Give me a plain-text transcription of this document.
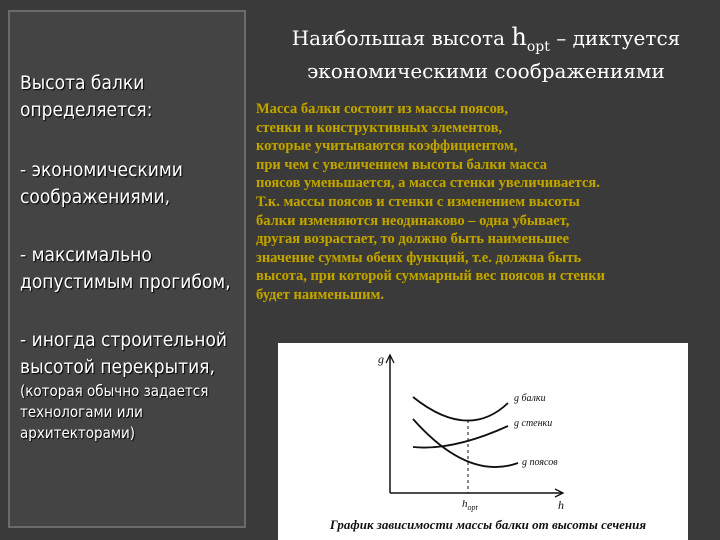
Высота балки
определяется:
- экономическими
соображениями,
- максимально
допустимым прогибом,
- иногда строительной
высотой перекрытия,
(которая обычно задается
технологами или
архитекторами)
Наибольшая высота $h_{opt}$ – диктуется
экономическими соображениями
Масса балки состоит из массы поясов,
стенки и конструктивных элементов,
которые учитываются коэффициентом,
при чем с увеличением высоты балки масса
поясов уменьшается, а масса стенки увеличивается.
Т.к. массы поясов и стенки с изменением высоты
балки изменяются неодинаково – одна убывает,
другая возрастает, то должно быть наименьшее
значение суммы обеих функций, т.е. должна быть
высота, при которой суммарный вес поясов и стенки
будет наименьшим.
g
h
$h_{opt}$
g балки
g стенки
g поясов
График зависимости массы балки от высоты сечения
